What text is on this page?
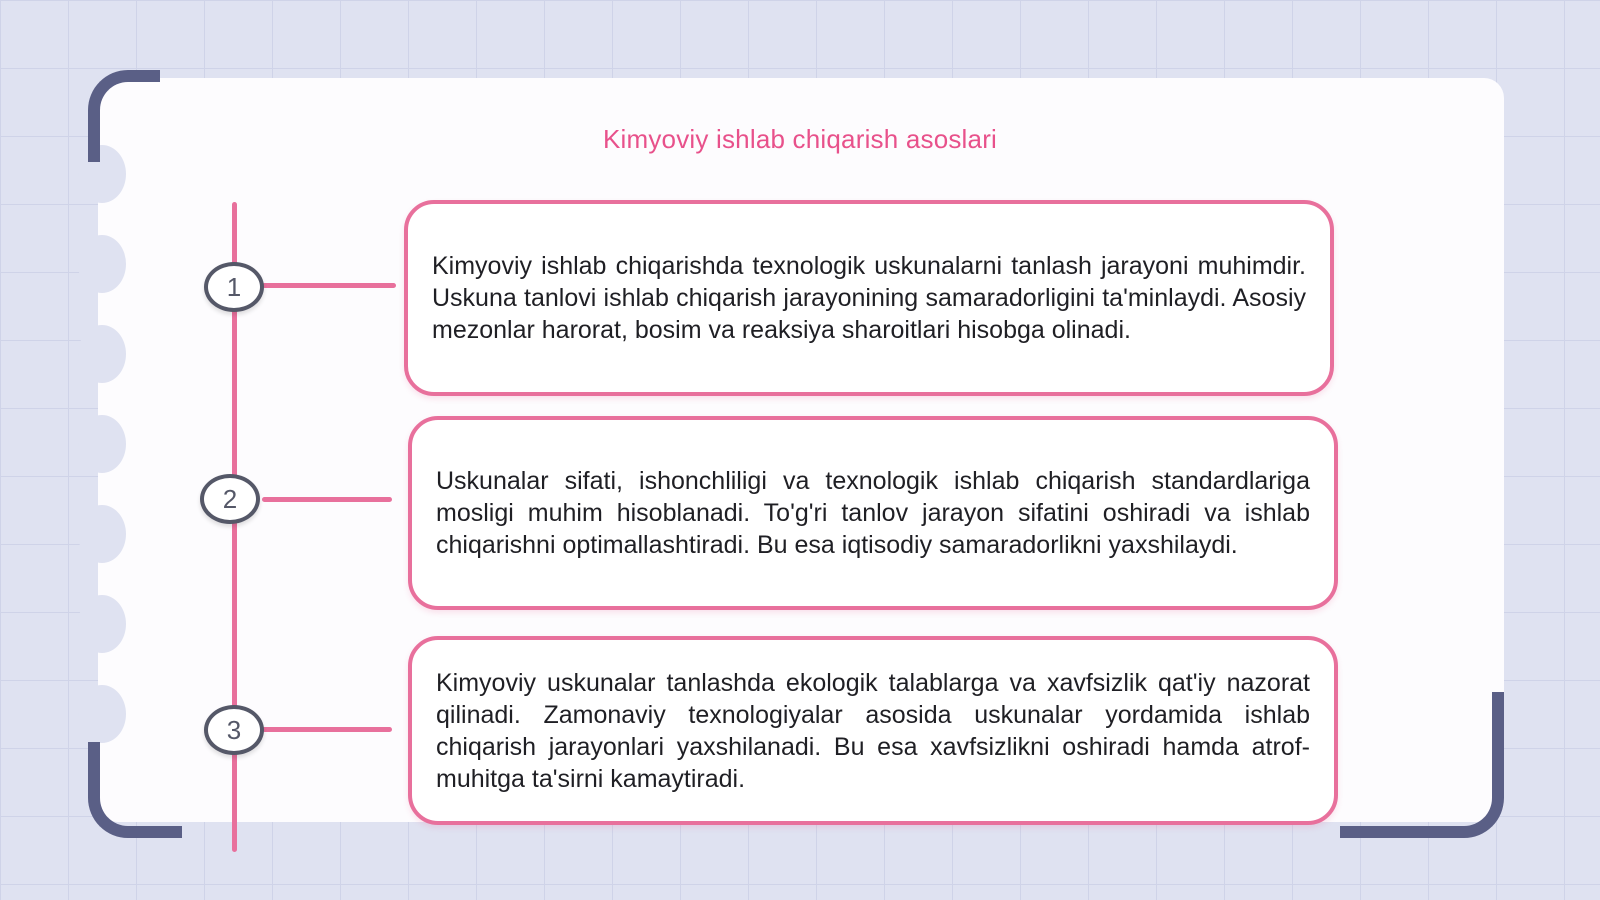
Kimyoviy ishlab chiqarish asoslari
1
2
3

Kimyoviy ishlab chiqarishda texnologik uskunalarni tanlash jarayoni muhimdir. Uskuna tanlovi ishlab chiqarish jarayonining samaradorligini ta'minlaydi. Asosiy mezonlar harorat, bosim va reaksiya sharoitlari hisobga olinadi.

Uskunalar sifati, ishonchliligi va texnologik ishlab chiqarish standardlariga mosligi muhim hisoblanadi. To'g'ri tanlov jarayon sifatini oshiradi va ishlab chiqarishni optimallashtiradi. Bu esa iqtisodiy samaradorlikni yaxshilaydi.

Kimyoviy uskunalar tanlashda ekologik talablarga va xavfsizlik qat'iy nazorat qilinadi. Zamonaviy texnologiyalar asosida uskunalar yordamida ishlab chiqarish jarayonlari yaxshilanadi. Bu esa xavfsizlikni oshiradi hamda atrof-muhitga ta'sirni kamaytiradi.
